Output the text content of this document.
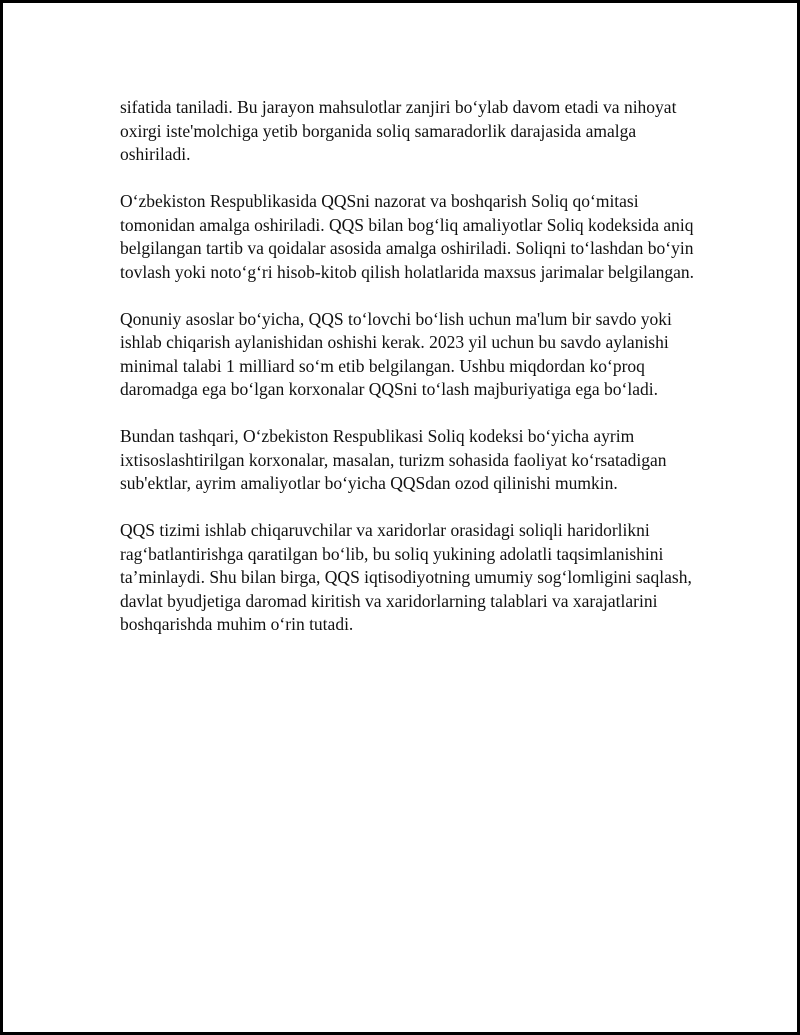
sifatida taniladi. Bu jarayon mahsulotlar zanjiri bo‘ylab davom etadi va nihoyat oxirgi iste'molchiga yetib borganida soliq samaradorlik darajasida amalga oshiriladi.

O‘zbekiston Respublikasida QQSni nazorat va boshqarish Soliq qo‘mitasi tomonidan amalga oshiriladi. QQS bilan bog‘liq amaliyotlar Soliq kodeksida aniq belgilangan tartib va qoidalar asosida amalga oshiriladi. Soliqni to‘lashdan bo‘yin tovlash yoki noto‘g‘ri hisob-kitob qilish holatlarida maxsus jarimalar belgilangan.

Qonuniy asoslar bo‘yicha, QQS to‘lovchi bo‘lish uchun ma'lum bir savdo yoki ishlab chiqarish aylanishidan oshishi kerak. 2023 yil uchun bu savdo aylanishi minimal talabi 1 milliard so‘m etib belgilangan. Ushbu miqdordan ko‘proq daromadga ega bo‘lgan korxonalar QQSni to‘lash majburiyatiga ega bo‘ladi.

Bundan tashqari, O‘zbekiston Respublikasi Soliq kodeksi bo‘yicha ayrim ixtisoslashtirilgan korxonalar, masalan, turizm sohasida faoliyat ko‘rsatadigan sub'ektlar, ayrim amaliyotlar bo‘yicha QQSdan ozod qilinishi mumkin.

QQS tizimi ishlab chiqaruvchilar va xaridorlar orasidagi soliqli haridorlikni rag‘batlantirishga qaratilgan bo‘lib, bu soliq yukining adolatli taqsimlanishini ta’minlaydi. Shu bilan birga, QQS iqtisodiyotning umumiy sog‘lomligini saqlash, davlat byudjetiga daromad kiritish va xaridorlarning talablari va xarajatlarini boshqarishda muhim o‘rin tutadi.
